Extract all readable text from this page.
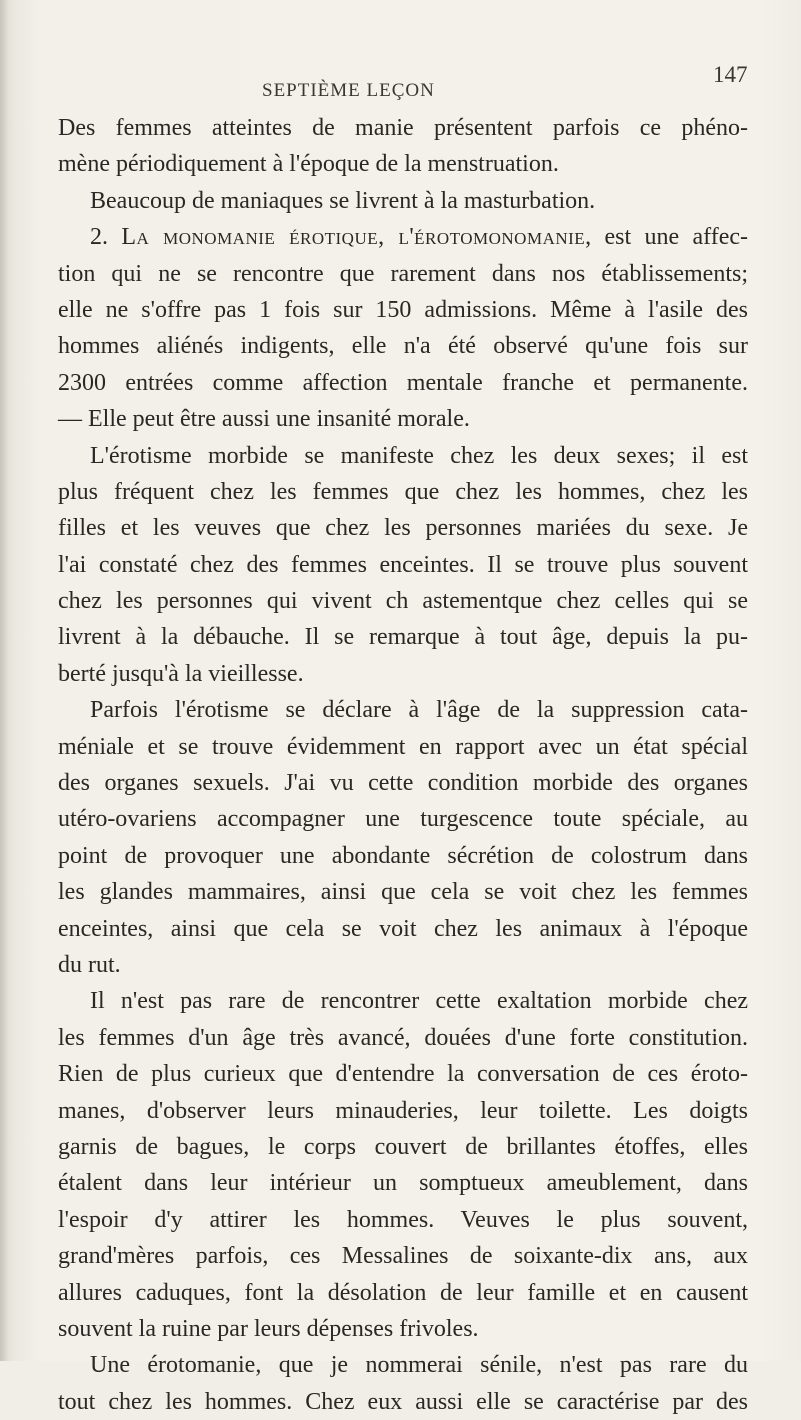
SEPTIÈME LEÇON
147
Des femmes atteintes de manie présentent parfois ce phéno-
mène périodiquement à l'époque de la menstruation.
Beaucoup de maniaques se livrent à la masturbation.
2. La monomanie érotique, l'érotomonomanie, est une affec-
tion qui ne se rencontre que rarement dans nos établissements;
elle ne s'offre pas 1 fois sur 150 admissions. Même à l'asile des
hommes aliénés indigents, elle n'a été observé qu'une fois sur
2300 entrées comme affection mentale franche et permanente.
— Elle peut être aussi une insanité morale.
L'érotisme morbide se manifeste chez les deux sexes; il est
plus fréquent chez les femmes que chez les hommes, chez les
filles et les veuves que chez les personnes mariées du sexe. Je
l'ai constaté chez des femmes enceintes. Il se trouve plus souvent
chez les personnes qui vivent ch astementque chez celles qui se
livrent à la débauche. Il se remarque à tout âge, depuis la pu-
berté jusqu'à la vieillesse.
Parfois l'érotisme se déclare à l'âge de la suppression cata-
méniale et se trouve évidemment en rapport avec un état spécial
des organes sexuels. J'ai vu cette condition morbide des organes
utéro-ovariens accompagner une turgescence toute spéciale, au
point de provoquer une abondante sécrétion de colostrum dans
les glandes mammaires, ainsi que cela se voit chez les femmes
enceintes, ainsi que cela se voit chez les animaux à l'époque
du rut.
Il n'est pas rare de rencontrer cette exaltation morbide chez
les femmes d'un âge très avancé, douées d'une forte constitution.
Rien de plus curieux que d'entendre la conversation de ces éroto-
manes, d'observer leurs minauderies, leur toilette. Les doigts
garnis de bagues, le corps couvert de brillantes étoffes, elles
étalent dans leur intérieur un somptueux ameublement, dans
l'espoir d'y attirer les hommes. Veuves le plus souvent,
grand'mères parfois, ces Messalines de soixante-dix ans, aux
allures caduques, font la désolation de leur famille et en causent
souvent la ruine par leurs dépenses frivoles.
Une érotomanie, que je nommerai sénile, n'est pas rare du
tout chez les hommes. Chez eux aussi elle se caractérise par des
